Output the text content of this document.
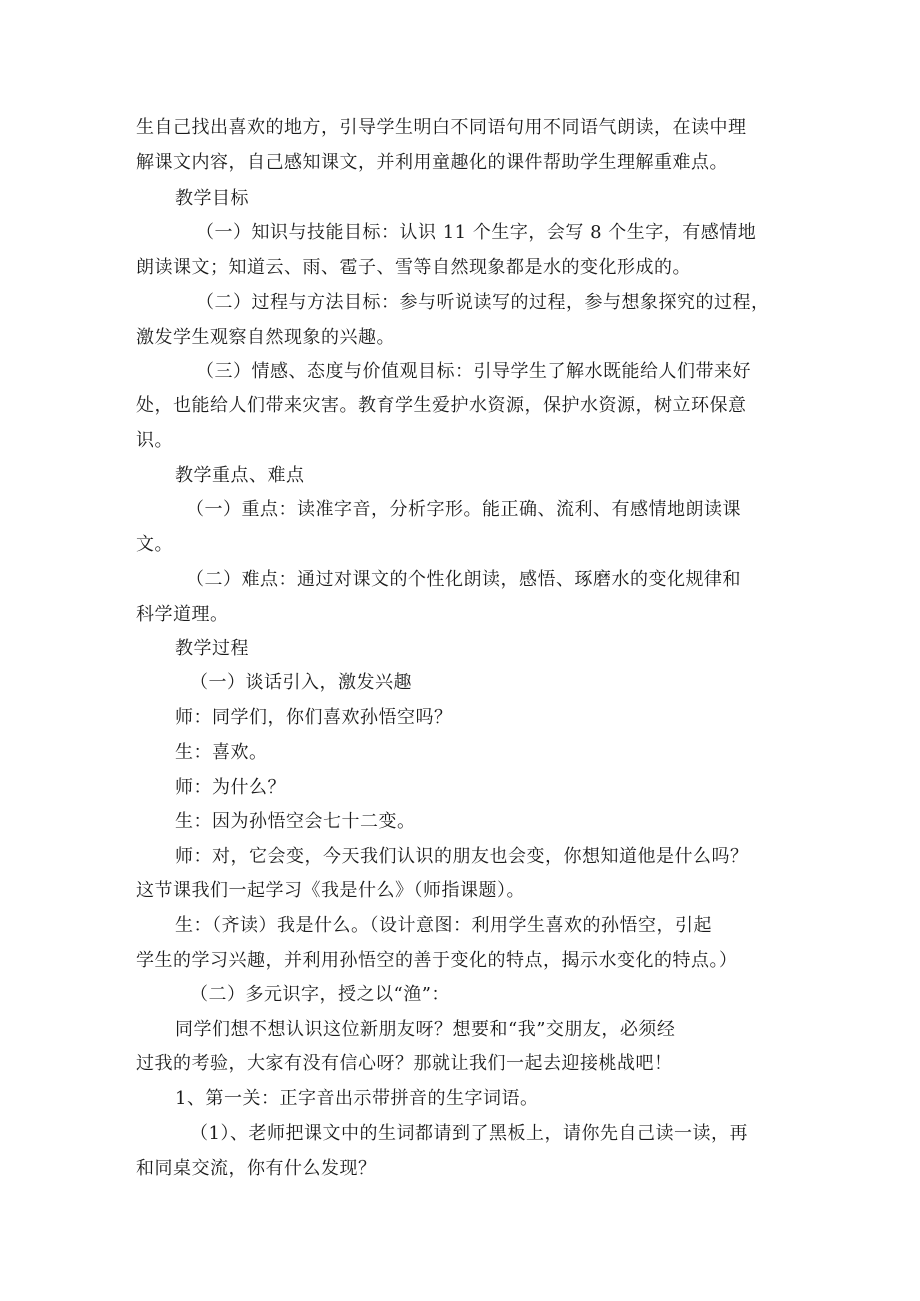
生自己找出喜欢的地方，引导学生明白不同语句用不同语气朗读，在读中理
解课文内容，自己感知课文，并利用童趣化的课件帮助学生理解重难点。
教学目标
（一）知识与技能目标：认识 11 个生字，会写 8 个生字，有感情地
朗读课文；知道云、雨、雹子、雪等自然现象都是水的变化形成的。
（二）过程与方法目标：参与听说读写的过程，参与想象探究的过程，
激发学生观察自然现象的兴趣。
（三）情感、态度与价值观目标：引导学生了解水既能给人们带来好
处，也能给人们带来灾害。教育学生爱护水资源，保护水资源，树立环保意
识。
教学重点、难点
（一）重点：读准字音，分析字形。能正确、流利、有感情地朗读课
文。
（二）难点：通过对课文的个性化朗读，感悟、琢磨水的变化规律和
科学道理。
教学过程
（一）谈话引入，激发兴趣
师：同学们，你们喜欢孙悟空吗？
生：喜欢。
师：为什么？
生：因为孙悟空会七十二变。
师：对，它会变，今天我们认识的朋友也会变，你想知道他是什么吗？
这节课我们一起学习《我是什么》（师指课题）。
生：（齐读）我是什么。（设计意图：利用学生喜欢的孙悟空，引起
学生的学习兴趣，并利用孙悟空的善于变化的特点，揭示水变化的特点。）
（二）多元识字，授之以“渔”：
同学们想不想认识这位新朋友呀？想要和“我”交朋友，必须经
过我的考验，大家有没有信心呀？那就让我们一起去迎接桃战吧！
1、第一关：正字音出示带拼音的生字词语。
（1）、老师把课文中的生词都请到了黑板上，请你先自己读一读，再
和同桌交流，你有什么发现？
